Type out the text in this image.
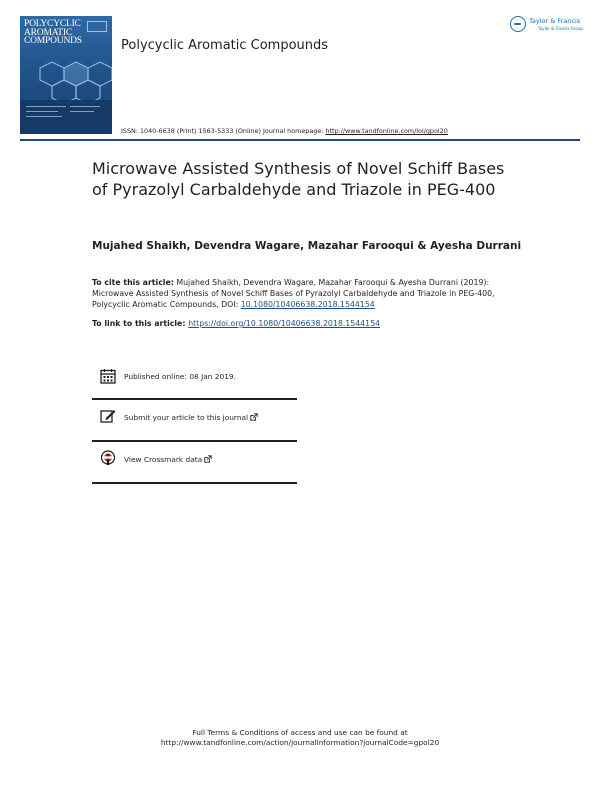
POLYCYCLIC
AROMATIC
COMPOUNDS	Polycyclic Aromatic Compounds
ISSN: 1040-6638 (Print) 1563-5333 (Online) Journal homepage: http://www.tandfonline.com/loi/gpol20
Taylor & Francis
Taylor & Francis Group
Microwave Assisted Synthesis of Novel Schiff Bases of Pyrazolyl Carbaldehyde and Triazole in PEG-400
Mujahed Shaikh, Devendra Wagare, Mazahar Farooqui & Ayesha Durrani
To cite this article: Mujahed Shaikh, Devendra Wagare, Mazahar Farooqui & Ayesha Durrani (2019): Microwave Assisted Synthesis of Novel Schiff Bases of Pyrazolyl Carbaldehyde and Triazole in PEG-400, Polycyclic Aromatic Compounds, DOI: 10.1080/10406638.2018.1544154
To link to this article: https://doi.org/10.1080/10406638.2018.1544154
Published online: 08 Jan 2019.
Submit your article to this journal
View Crossmark data
Full Terms & Conditions of access and use can be found at
http://www.tandfonline.com/action/journalInformation?journalCode=gpol20
